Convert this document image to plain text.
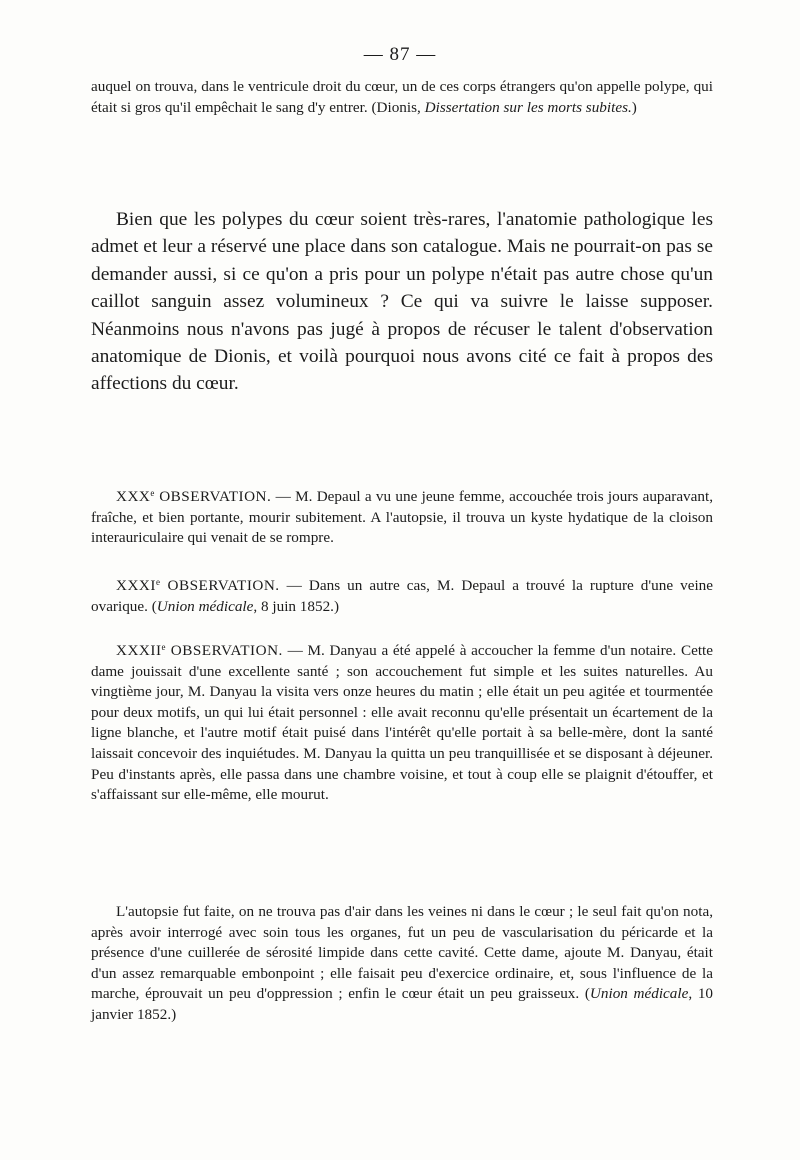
— 87 —

auquel on trouva, dans le ventricule droit du cœur, un de ces corps étrangers qu'on appelle polype, qui était si gros qu'il empêchait le sang d'y entrer. (Dionis, Dissertation sur les morts subites.)

Bien que les polypes du cœur soient très-rares, l'anatomie pathologique les admet et leur a réservé une place dans son catalogue. Mais ne pourrait-on pas se demander aussi, si ce qu'on a pris pour un polype n'était pas autre chose qu'un caillot sanguin assez volumineux ? Ce qui va suivre le laisse supposer. Néanmoins nous n'avons pas jugé à propos de récuser le talent d'observation anatomique de Dionis, et voilà pourquoi nous avons cité ce fait à propos des affections du cœur.

XXXe OBSERVATION. — M. Depaul a vu une jeune femme, accouchée trois jours auparavant, fraîche, et bien portante, mourir subitement. A l'autopsie, il trouva un kyste hydatique de la cloison interauriculaire qui venait de se rompre.

XXXIe OBSERVATION. — Dans un autre cas, M. Depaul a trouvé la rupture d'une veine ovarique. (Union médicale, 8 juin 1852.)

XXXIIe OBSERVATION. — M. Danyau a été appelé à accoucher la femme d'un notaire. Cette dame jouissait d'une excellente santé ; son accouchement fut simple et les suites naturelles. Au vingtième jour, M. Danyau la visita vers onze heures du matin ; elle était un peu agitée et tourmentée pour deux motifs, un qui lui était personnel : elle avait reconnu qu'elle présentait un écartement de la ligne blanche, et l'autre motif était puisé dans l'intérêt qu'elle portait à sa belle-mère, dont la santé laissait concevoir des inquiétudes. M. Danyau la quitta un peu tranquillisée et se disposant à déjeuner. Peu d'instants après, elle passa dans une chambre voisine, et tout à coup elle se plaignit d'étouffer, et s'affaissant sur elle-même, elle mourut.

L'autopsie fut faite, on ne trouva pas d'air dans les veines ni dans le cœur ; le seul fait qu'on nota, après avoir interrogé avec soin tous les organes, fut un peu de vascularisation du péricarde et la présence d'une cuillerée de sérosité limpide dans cette cavité. Cette dame, ajoute M. Danyau, était d'un assez remarquable embonpoint ; elle faisait peu d'exercice ordinaire, et, sous l'influence de la marche, éprouvait un peu d'oppression ; enfin le cœur était un peu graisseux. (Union médicale, 10 janvier 1852.)
